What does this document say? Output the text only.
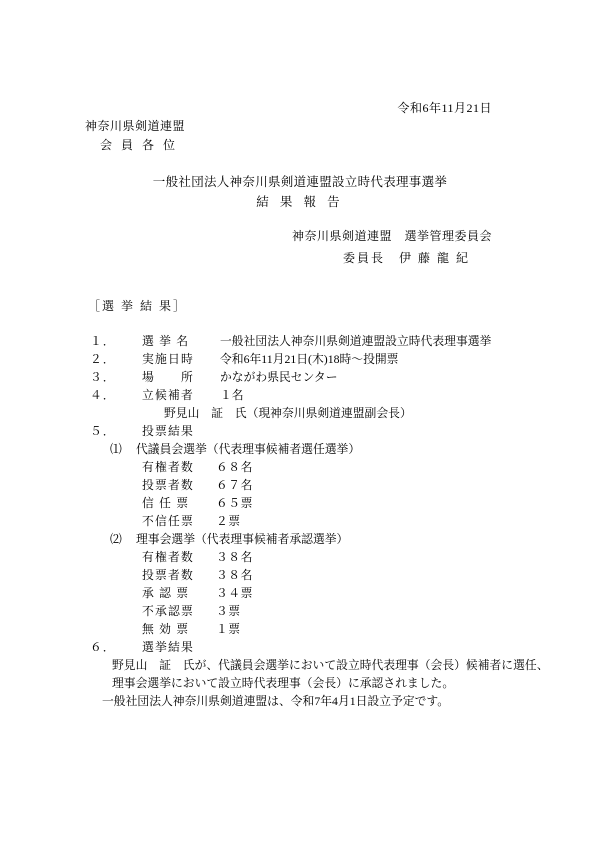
令和6年11月21日
神奈川県剣道連盟
会 員 各 位
一般社団法人神奈川県剣道連盟設立時代表理事選挙
結 果 報 告
神奈川県剣道連盟　選挙管理委員会
委員長　伊 藤 龍 紀
［選 挙 結 果］
１．	選 挙 名	一般社団法人神奈川県剣道連盟設立時代表理事選挙
２．	実施日時	令和6年11月21日(木)18時～投開票
３．	場　　所	かながわ県民センター
４．	立候補者	１名
野見山　証　氏（現神奈川県剣道連盟副会長）
５．	投票結果
⑴	代議員会選挙（代表理事候補者選任選挙）
有権者数	６８名
投票者数	６７名
信 任 票	６５票
不信任票	２票
⑵	理事会選挙（代表理事候補者承認選挙）
有権者数	３８名
投票者数	３８名
承 認 票	３４票
不承認票	３票
無 効 票	１票
６．	選挙結果
野見山　証　氏が、代議員会選挙において設立時代表理事（会長）候補者に選任、
理事会選挙において設立時代表理事（会長）に承認されました。
一般社団法人神奈川県剣道連盟は、令和7年4月1日設立予定です。
